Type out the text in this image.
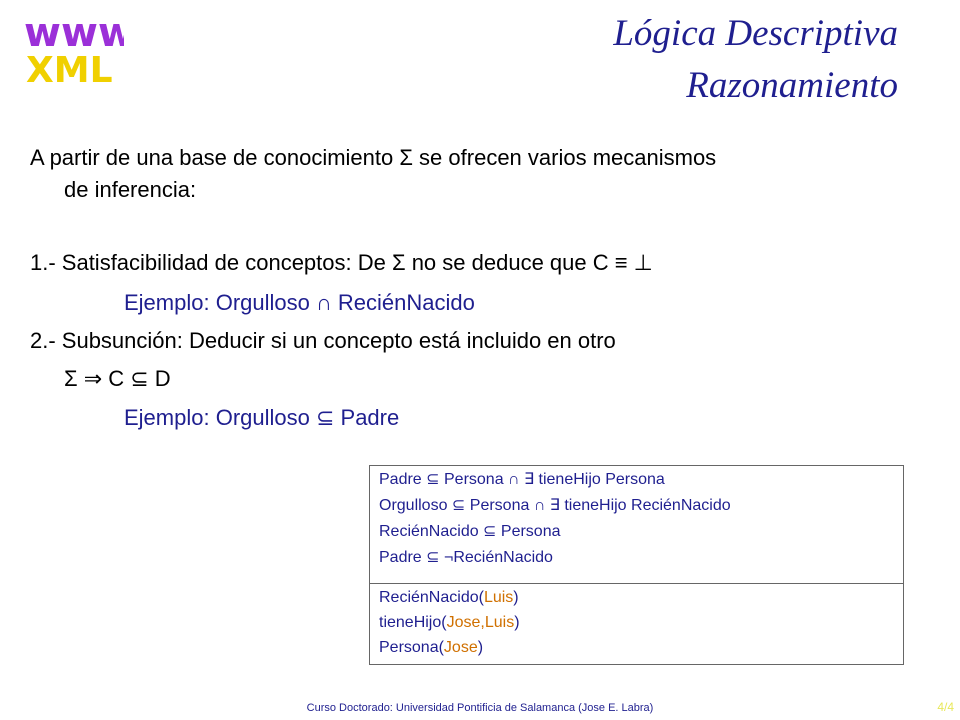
www
XML
Lógica Descriptiva
Razonamiento
A partir de una base de conocimiento Σ se ofrecen varios mecanismos
de inferencia:
1.- Satisfacibilidad de conceptos: De Σ no se deduce que C ≡ ⊥
Ejemplo: Orgulloso ∩ ReciénNacido
2.- Subsunción: Deducir si un concepto está incluido en otro
Σ ⇒ C ⊆ D
Ejemplo: Orgulloso ⊆ Padre
Padre ⊆ Persona ∩ ∃ tieneHijo Persona
Orgulloso ⊆ Persona ∩ ∃ tieneHijo ReciénNacido
ReciénNacido ⊆ Persona
Padre ⊆ ¬ReciénNacido
ReciénNacido(Luis)
tieneHijo(Jose,Luis)
Persona(Jose)
Curso Doctorado: Universidad Pontificia de Salamanca (Jose E. Labra)	4/4
